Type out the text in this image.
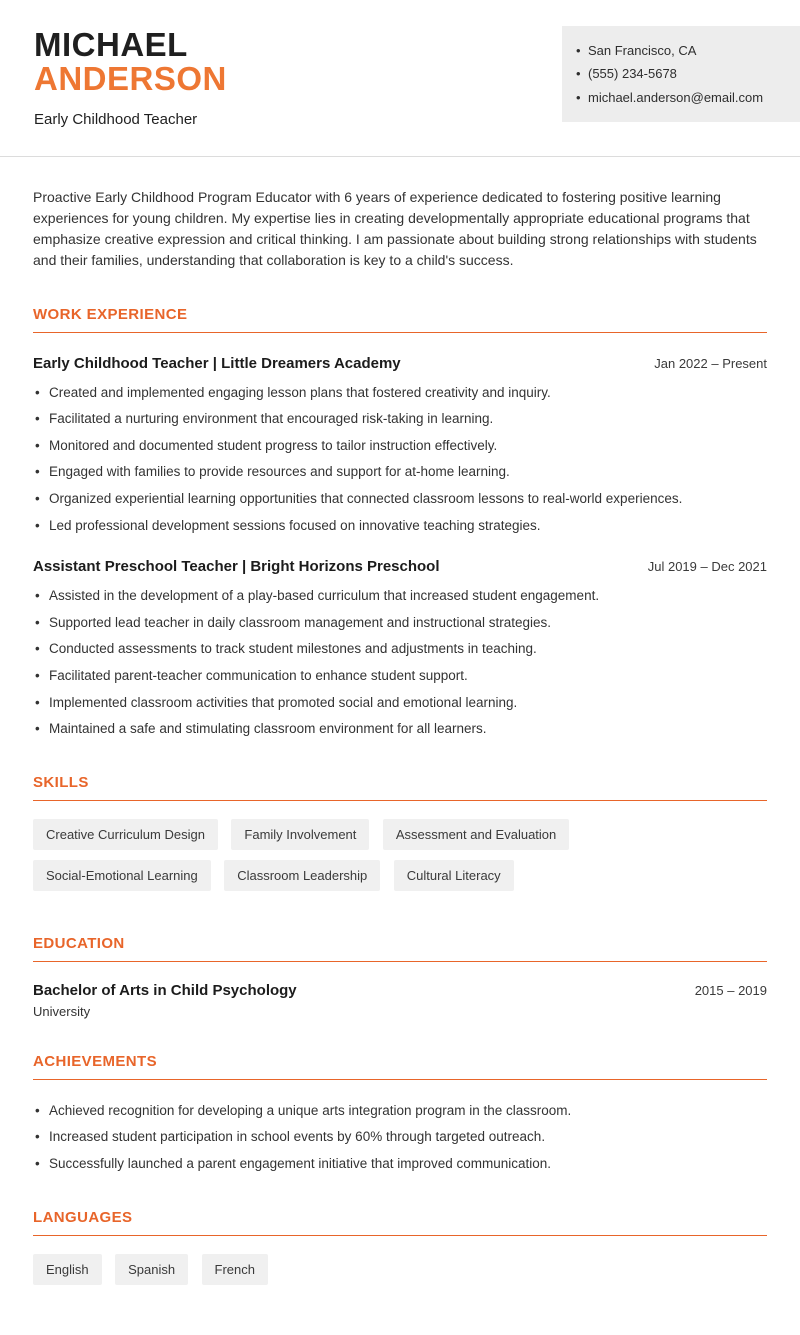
MICHAEL
ANDERSON
Early Childhood Teacher
• San Francisco, CA
• (555) 234-5678
• michael.anderson@email.com

Proactive Early Childhood Program Educator with 6 years of experience dedicated to fostering positive learning experiences for young children. My expertise lies in creating developmentally appropriate educational programs that emphasize creative expression and critical thinking. I am passionate about building strong relationships with students and their families, understanding that collaboration is key to a child's success.

WORK EXPERIENCE
Early Childhood Teacher | Little Dreamers Academy	Jan 2022 – Present
• Created and implemented engaging lesson plans that fostered creativity and inquiry.
• Facilitated a nurturing environment that encouraged risk-taking in learning.
• Monitored and documented student progress to tailor instruction effectively.
• Engaged with families to provide resources and support for at-home learning.
• Organized experiential learning opportunities that connected classroom lessons to real-world experiences.
• Led professional development sessions focused on innovative teaching strategies.
Assistant Preschool Teacher | Bright Horizons Preschool	Jul 2019 – Dec 2021
• Assisted in the development of a play-based curriculum that increased student engagement.
• Supported lead teacher in daily classroom management and instructional strategies.
• Conducted assessments to track student milestones and adjustments in teaching.
• Facilitated parent-teacher communication to enhance student support.
• Implemented classroom activities that promoted social and emotional learning.
• Maintained a safe and stimulating classroom environment for all learners.
SKILLS
Creative Curriculum Design	Family Involvement	Assessment and Evaluation Social-Emotional Learning	Classroom Leadership	Cultural Literacy
EDUCATION
Bachelor of Arts in Child Psychology	2015 – 2019
University
ACHIEVEMENTS
• Achieved recognition for developing a unique arts integration program in the classroom.
• Increased student participation in school events by 60% through targeted outreach.
• Successfully launched a parent engagement initiative that improved communication.
LANGUAGES
English	Spanish	French
